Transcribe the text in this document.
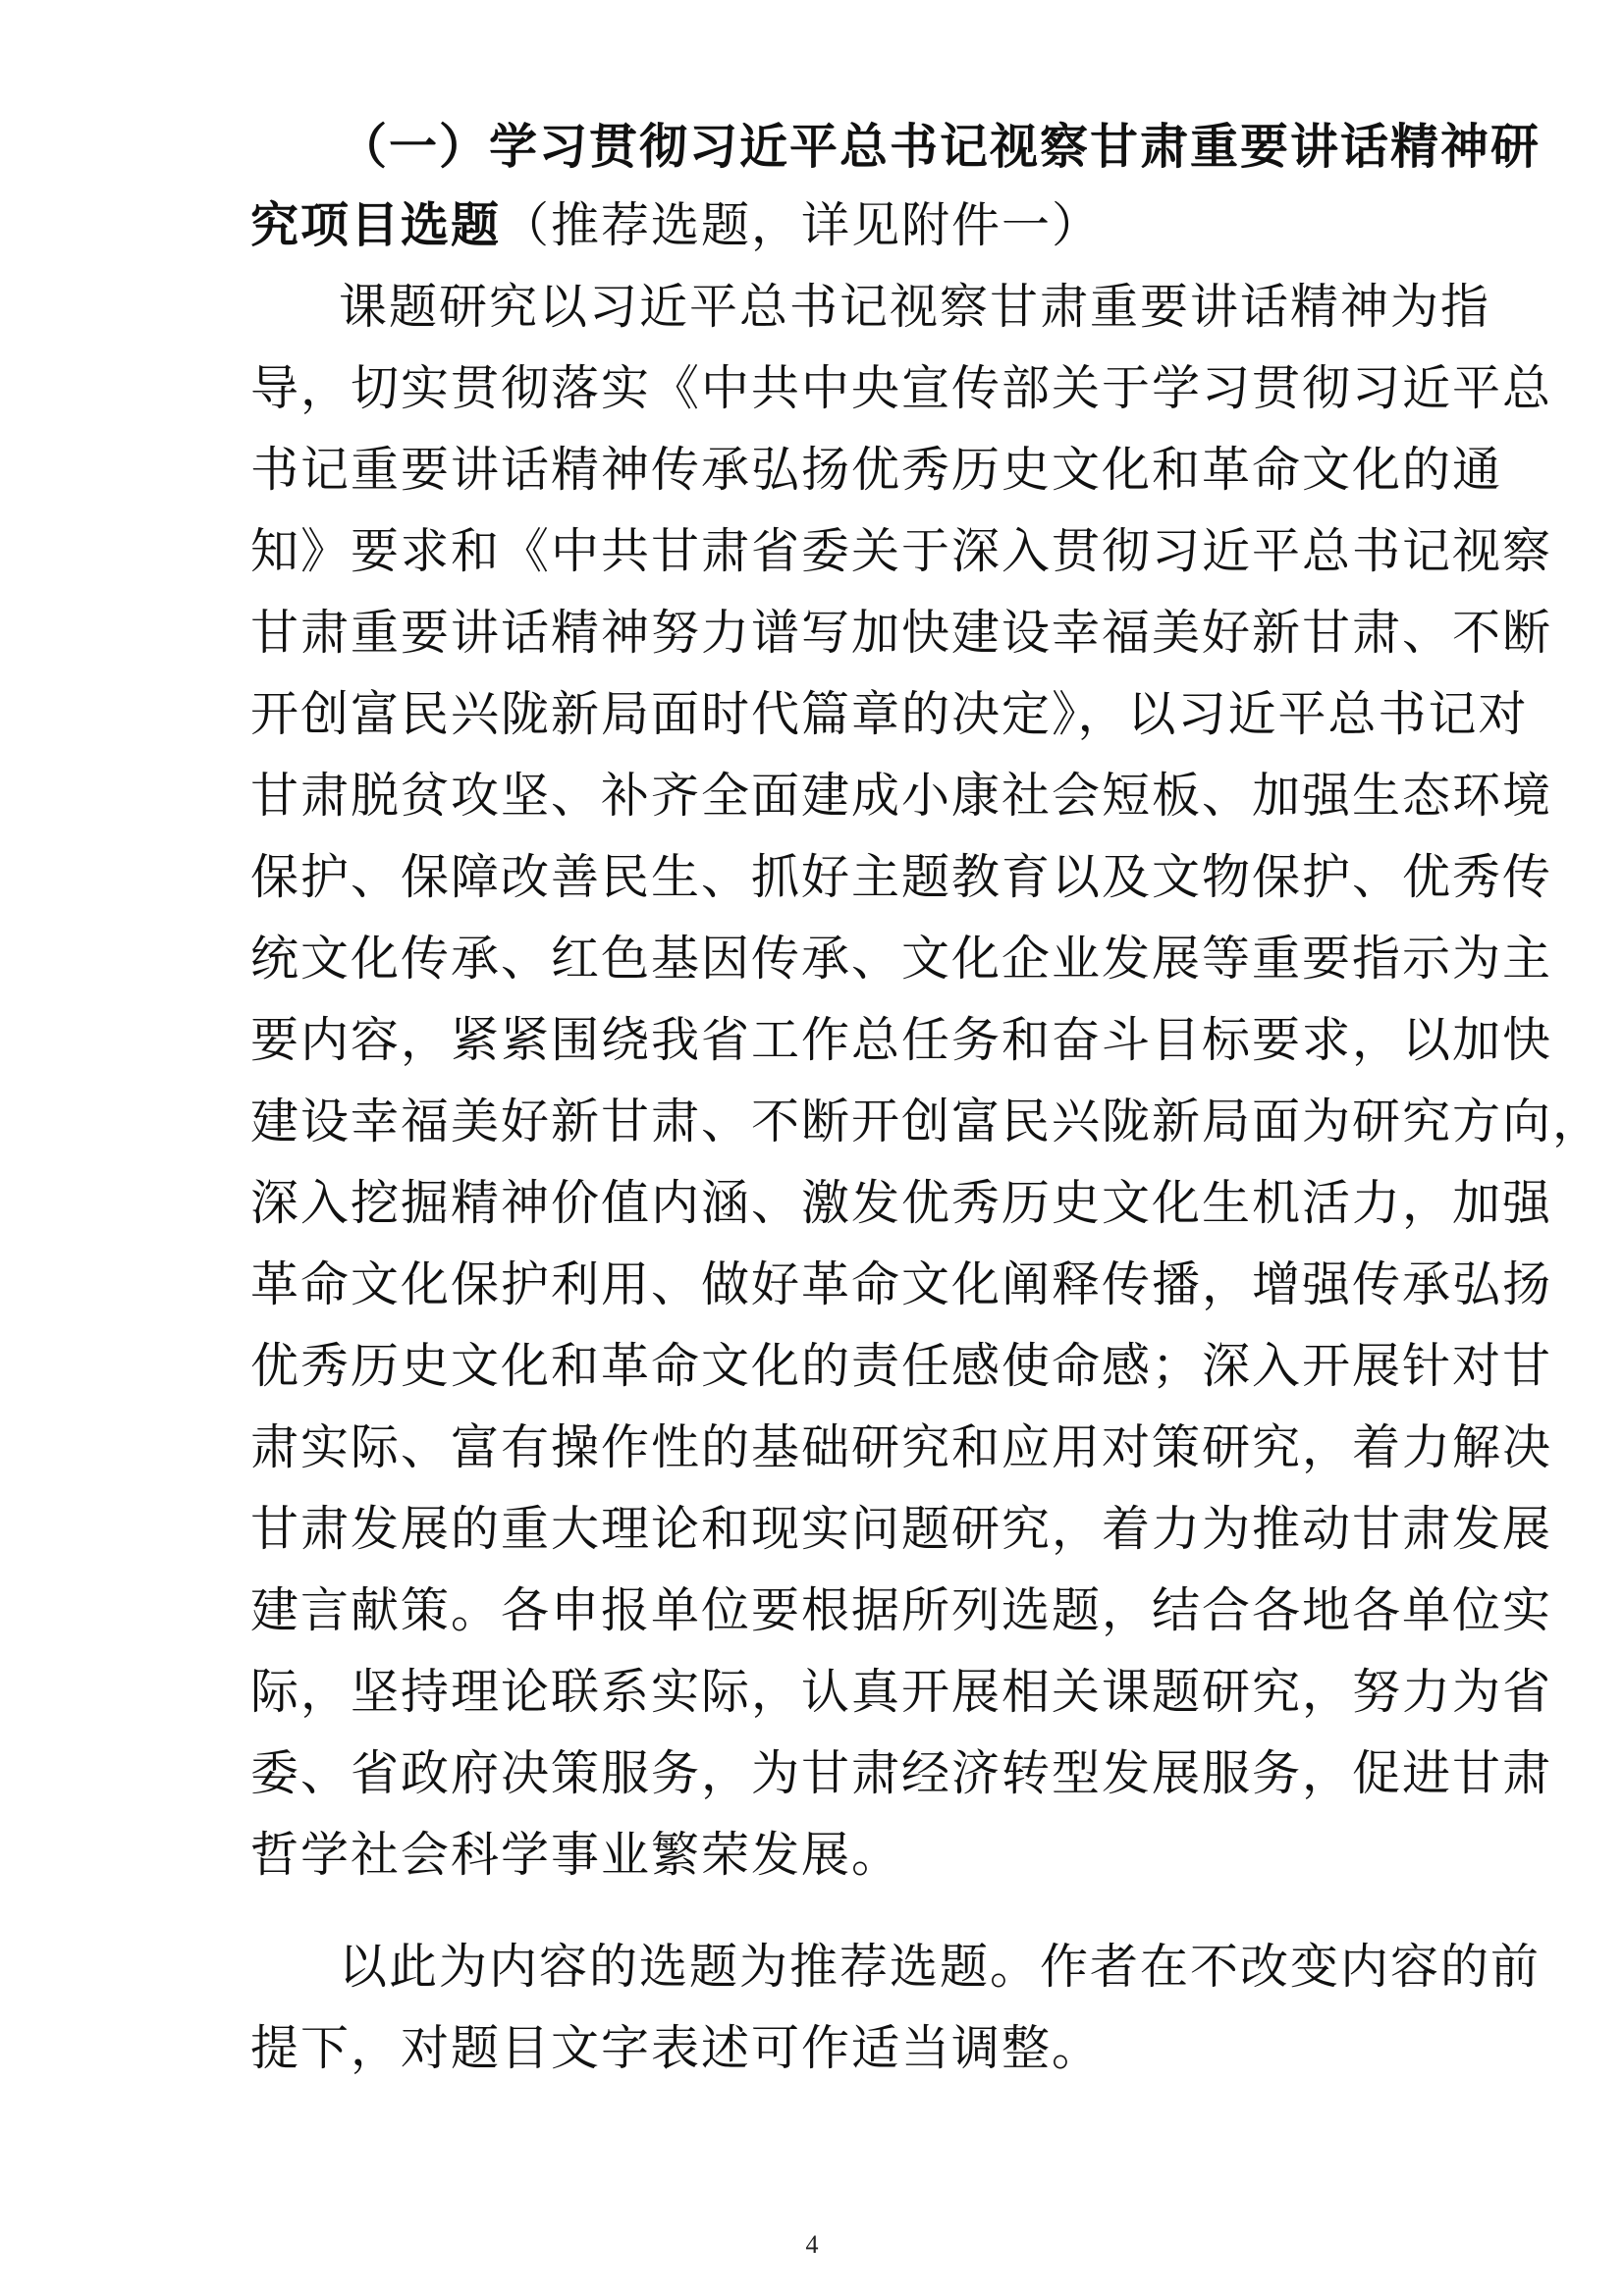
（一）学习贯彻习近平总书记视察甘肃重要讲话精神研
究项目选题（推荐选题，详见附件一）
课题研究以习近平总书记视察甘肃重要讲话精神为指
导，切实贯彻落实《中共中央宣传部关于学习贯彻习近平总
书记重要讲话精神传承弘扬优秀历史文化和革命文化的通
知》要求和《中共甘肃省委关于深入贯彻习近平总书记视察
甘肃重要讲话精神努力谱写加快建设幸福美好新甘肃、不断
开创富民兴陇新局面时代篇章的决定》，以习近平总书记对
甘肃脱贫攻坚、补齐全面建成小康社会短板、加强生态环境
保护、保障改善民生、抓好主题教育以及文物保护、优秀传
统文化传承、红色基因传承、文化企业发展等重要指示为主
要内容，紧紧围绕我省工作总任务和奋斗目标要求，以加快
建设幸福美好新甘肃、不断开创富民兴陇新局面为研究方向，
深入挖掘精神价值内涵、激发优秀历史文化生机活力，加强
革命文化保护利用、做好革命文化阐释传播，增强传承弘扬
优秀历史文化和革命文化的责任感使命感；深入开展针对甘
肃实际、富有操作性的基础研究和应用对策研究，着力解决
甘肃发展的重大理论和现实问题研究，着力为推动甘肃发展
建言献策。各申报单位要根据所列选题，结合各地各单位实
际，坚持理论联系实际，认真开展相关课题研究，努力为省
委、省政府决策服务，为甘肃经济转型发展服务，促进甘肃
哲学社会科学事业繁荣发展。
以此为内容的选题为推荐选题。作者在不改变内容的前
提下，对题目文字表述可作适当调整。
4
